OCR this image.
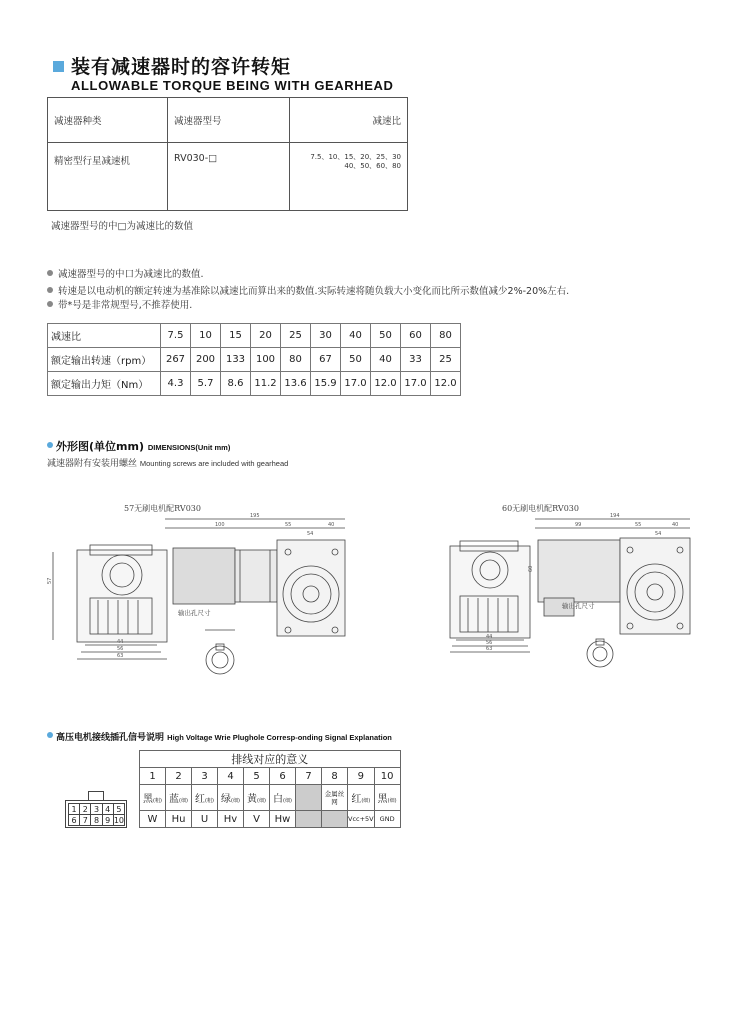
装有减速器时的容许转矩
ALLOWABLE TORQUE BEING WITH GEARHEAD
减速器种类	减速器型号	减速比
精密型行星减速机	RV030-□	7.5、10、15、20、25、30
40、50、60、80
减速器型号的中□为减速比的数值
减速器型号的中口为减速比的数值.
转速是以电动机的额定转速为基准除以减速比而算出来的数值.实际转速将随负载大小变化而比所示数值减少2%-20%左右.
带*号是非常规型号,不推荐使用.
减速比	7.5	10	15	20	25	30	40	50	60	80
额定输出转速（rpm）	267	200	133	100	80	67	50	40	33	25
额定输出力矩（Nm）	4.3	5.7	8.6	11.2	13.6	15.9	17.0	12.0	17.0	12.0
外形图(单位mm) DIMENSIONS(Unit mm)
减速器附有安装用螺丝 Mounting screws are included with gearhead
57无刷电机配RV030	60无刷电机配RV030
195
100	55	40
54
44
56
63
57
输出孔尺寸
194
99	55	40
54
44
56
63
60
输出孔尺寸
高压电机接线插孔信号说明 High Voltage Wrie Plughole Corresp-onding Signal Explanation
排线对应的意义									
1	2	3	4	5	6	7	8	9	10
黑(粗)	蓝(细)	红(粗)	绿(细)	黄(细)	白(细)		金属丝网	红(细)	黑(细)
W	Hu	U	Hv	V	Hw			Vcc+5V	GND
1 2 3 4 5
6 7 8 9 10
